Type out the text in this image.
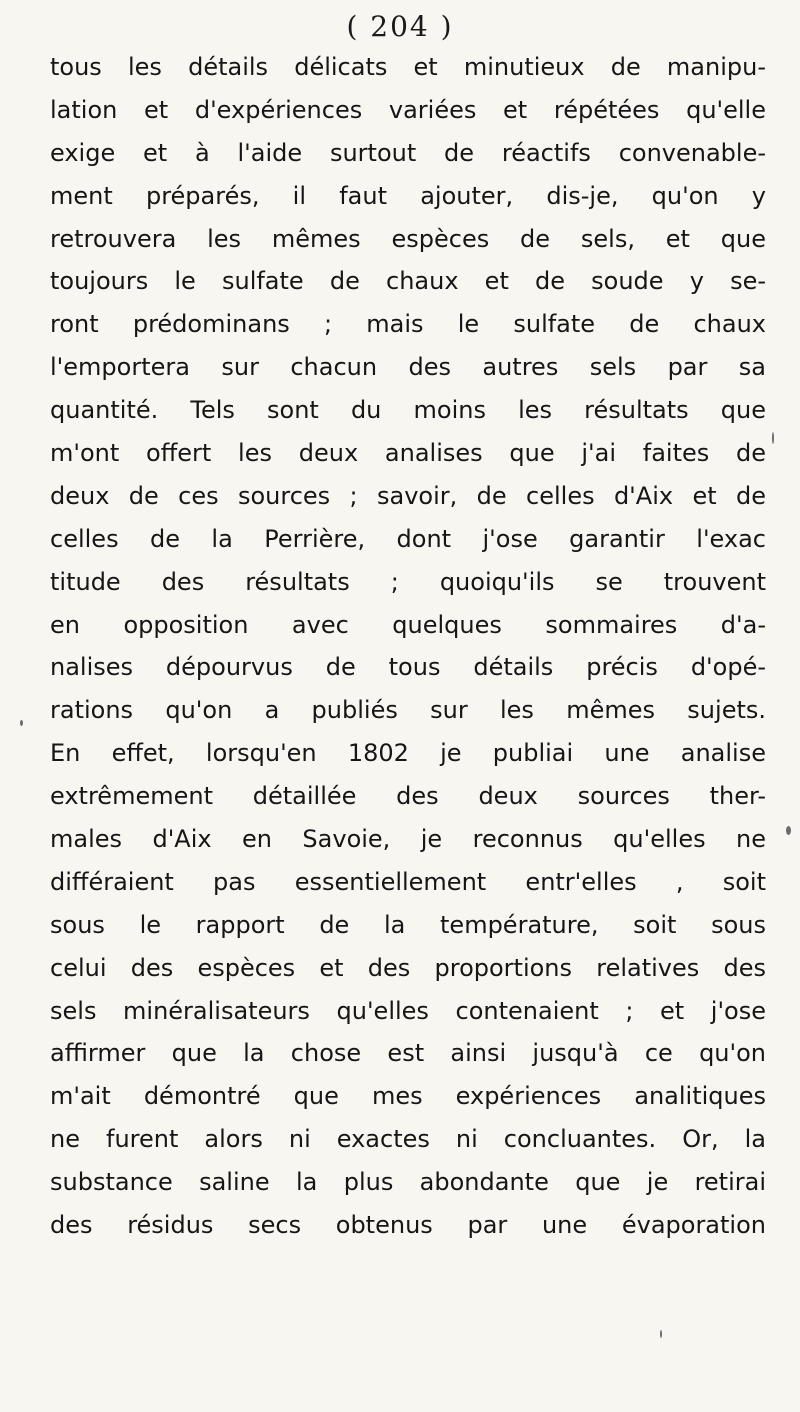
( 204 )
tous les détails délicats et minutieux de manipu-
lation et d'expériences variées et répétées qu'elle
exige et à l'aide surtout de réactifs convenable-
ment préparés, il faut ajouter, dis-je, qu'on y
retrouvera les mêmes espèces de sels, et que
toujours le sulfate de chaux et de soude y se-
ront prédominans ; mais le sulfate de chaux
l'emportera sur chacun des autres sels par sa
quantité. Tels sont du moins les résultats que
m'ont offert les deux analises que j'ai faites de
deux de ces sources ; savoir, de celles d'Aix et de
celles de la Perrière, dont j'ose garantir l'exac
titude des résultats ; quoiqu'ils se trouvent
en opposition avec quelques sommaires d'a-
nalises dépourvus de tous détails précis d'opé-
rations qu'on a publiés sur les mêmes sujets.
En effet, lorsqu'en 1802 je publiai une analise
extrêmement détaillée des deux sources ther-
males d'Aix en Savoie, je reconnus qu'elles ne
différaient pas essentiellement entr'elles , soit
sous le rapport de la température, soit sous
celui des espèces et des proportions relatives des
sels minéralisateurs qu'elles contenaient ; et j'ose
affirmer que la chose est ainsi jusqu'à ce qu'on
m'ait démontré que mes expériences analitiques
ne furent alors ni exactes ni concluantes. Or, la
substance saline la plus abondante que je retirai
des résidus secs obtenus par une évaporation
